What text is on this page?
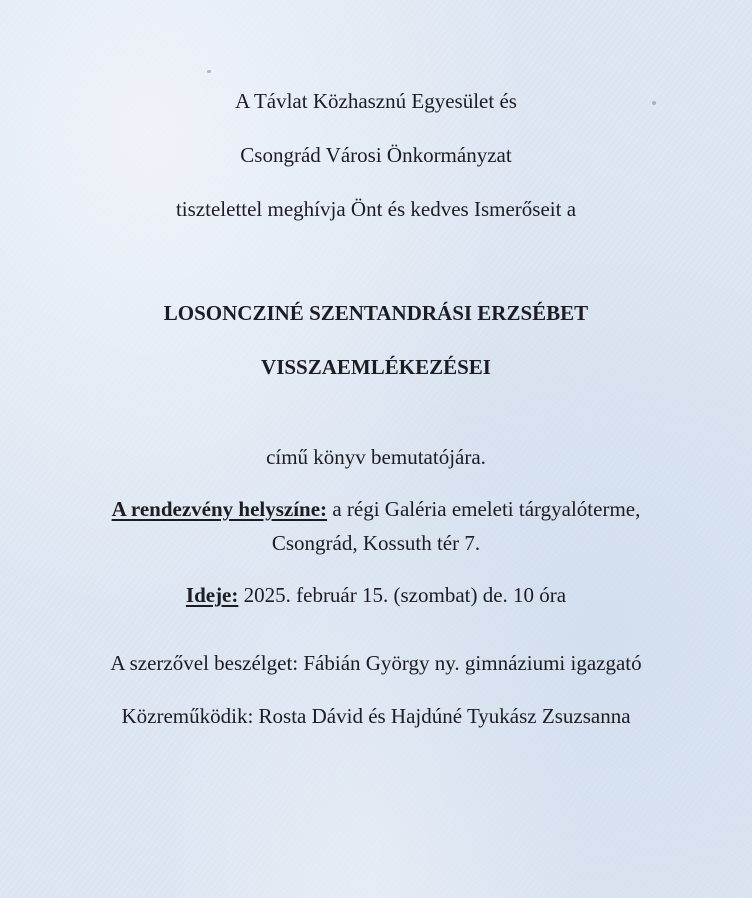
A Távlat Közhasznú Egyesület és
Csongrád Városi Önkormányzat
tisztelettel meghívja Önt és kedves Ismerőseit a
LOSONCZINÉ SZENTANDRÁSI ERZSÉBET
VISSZAEMLÉKEZÉSEI
című könyv bemutatójára.
A rendezvény helyszíne: a régi Galéria emeleti tárgyalóterme,
Csongrád, Kossuth tér 7.
Ideje: 2025. február 15. (szombat) de. 10 óra
A szerzővel beszélget: Fábián György ny. gimnáziumi igazgató
Közreműködik: Rosta Dávid és Hajdúné Tyukász Zsuzsanna
